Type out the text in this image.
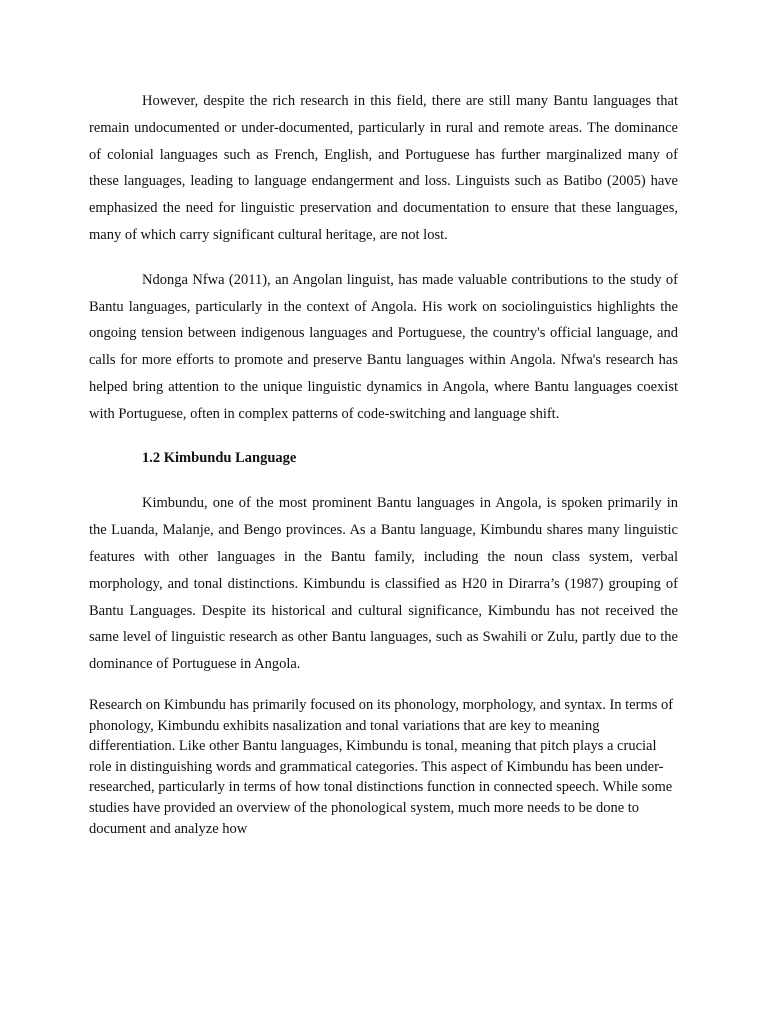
However, despite the rich research in this field, there are still many Bantu languages that remain undocumented or under-documented, particularly in rural and remote areas. The dominance of colonial languages such as French, English, and Portuguese has further marginalized many of these languages, leading to language endangerment and loss. Linguists such as Batibo (2005) have emphasized the need for linguistic preservation and documentation to ensure that these languages, many of which carry significant cultural heritage, are not lost.

Ndonga Nfwa (2011), an Angolan linguist, has made valuable contributions to the study of Bantu languages, particularly in the context of Angola. His work on sociolinguistics highlights the ongoing tension between indigenous languages and Portuguese, the country's official language, and calls for more efforts to promote and preserve Bantu languages within Angola. Nfwa's research has helped bring attention to the unique linguistic dynamics in Angola, where Bantu languages coexist with Portuguese, often in complex patterns of code-switching and language shift.

1.2 Kimbundu Language

Kimbundu, one of the most prominent Bantu languages in Angola, is spoken primarily in the Luanda, Malanje, and Bengo provinces. As a Bantu language, Kimbundu shares many linguistic features with other languages in the Bantu family, including the noun class system, verbal morphology, and tonal distinctions. Kimbundu is classified as H20 in Dirarra’s (1987) grouping of Bantu Languages. Despite its historical and cultural significance, Kimbundu has not received the same level of linguistic research as other Bantu languages, such as Swahili or Zulu, partly due to the dominance of Portuguese in Angola.

Research on Kimbundu has primarily focused on its phonology, morphology, and syntax. In terms of phonology, Kimbundu exhibits nasalization and tonal variations that are key to meaning differentiation. Like other Bantu languages, Kimbundu is tonal, meaning that pitch plays a crucial role in distinguishing words and grammatical categories. This aspect of Kimbundu has been under-researched, particularly in terms of how tonal distinctions function in connected speech. While some studies have provided an overview of the phonological system, much more needs to be done to document and analyze how
